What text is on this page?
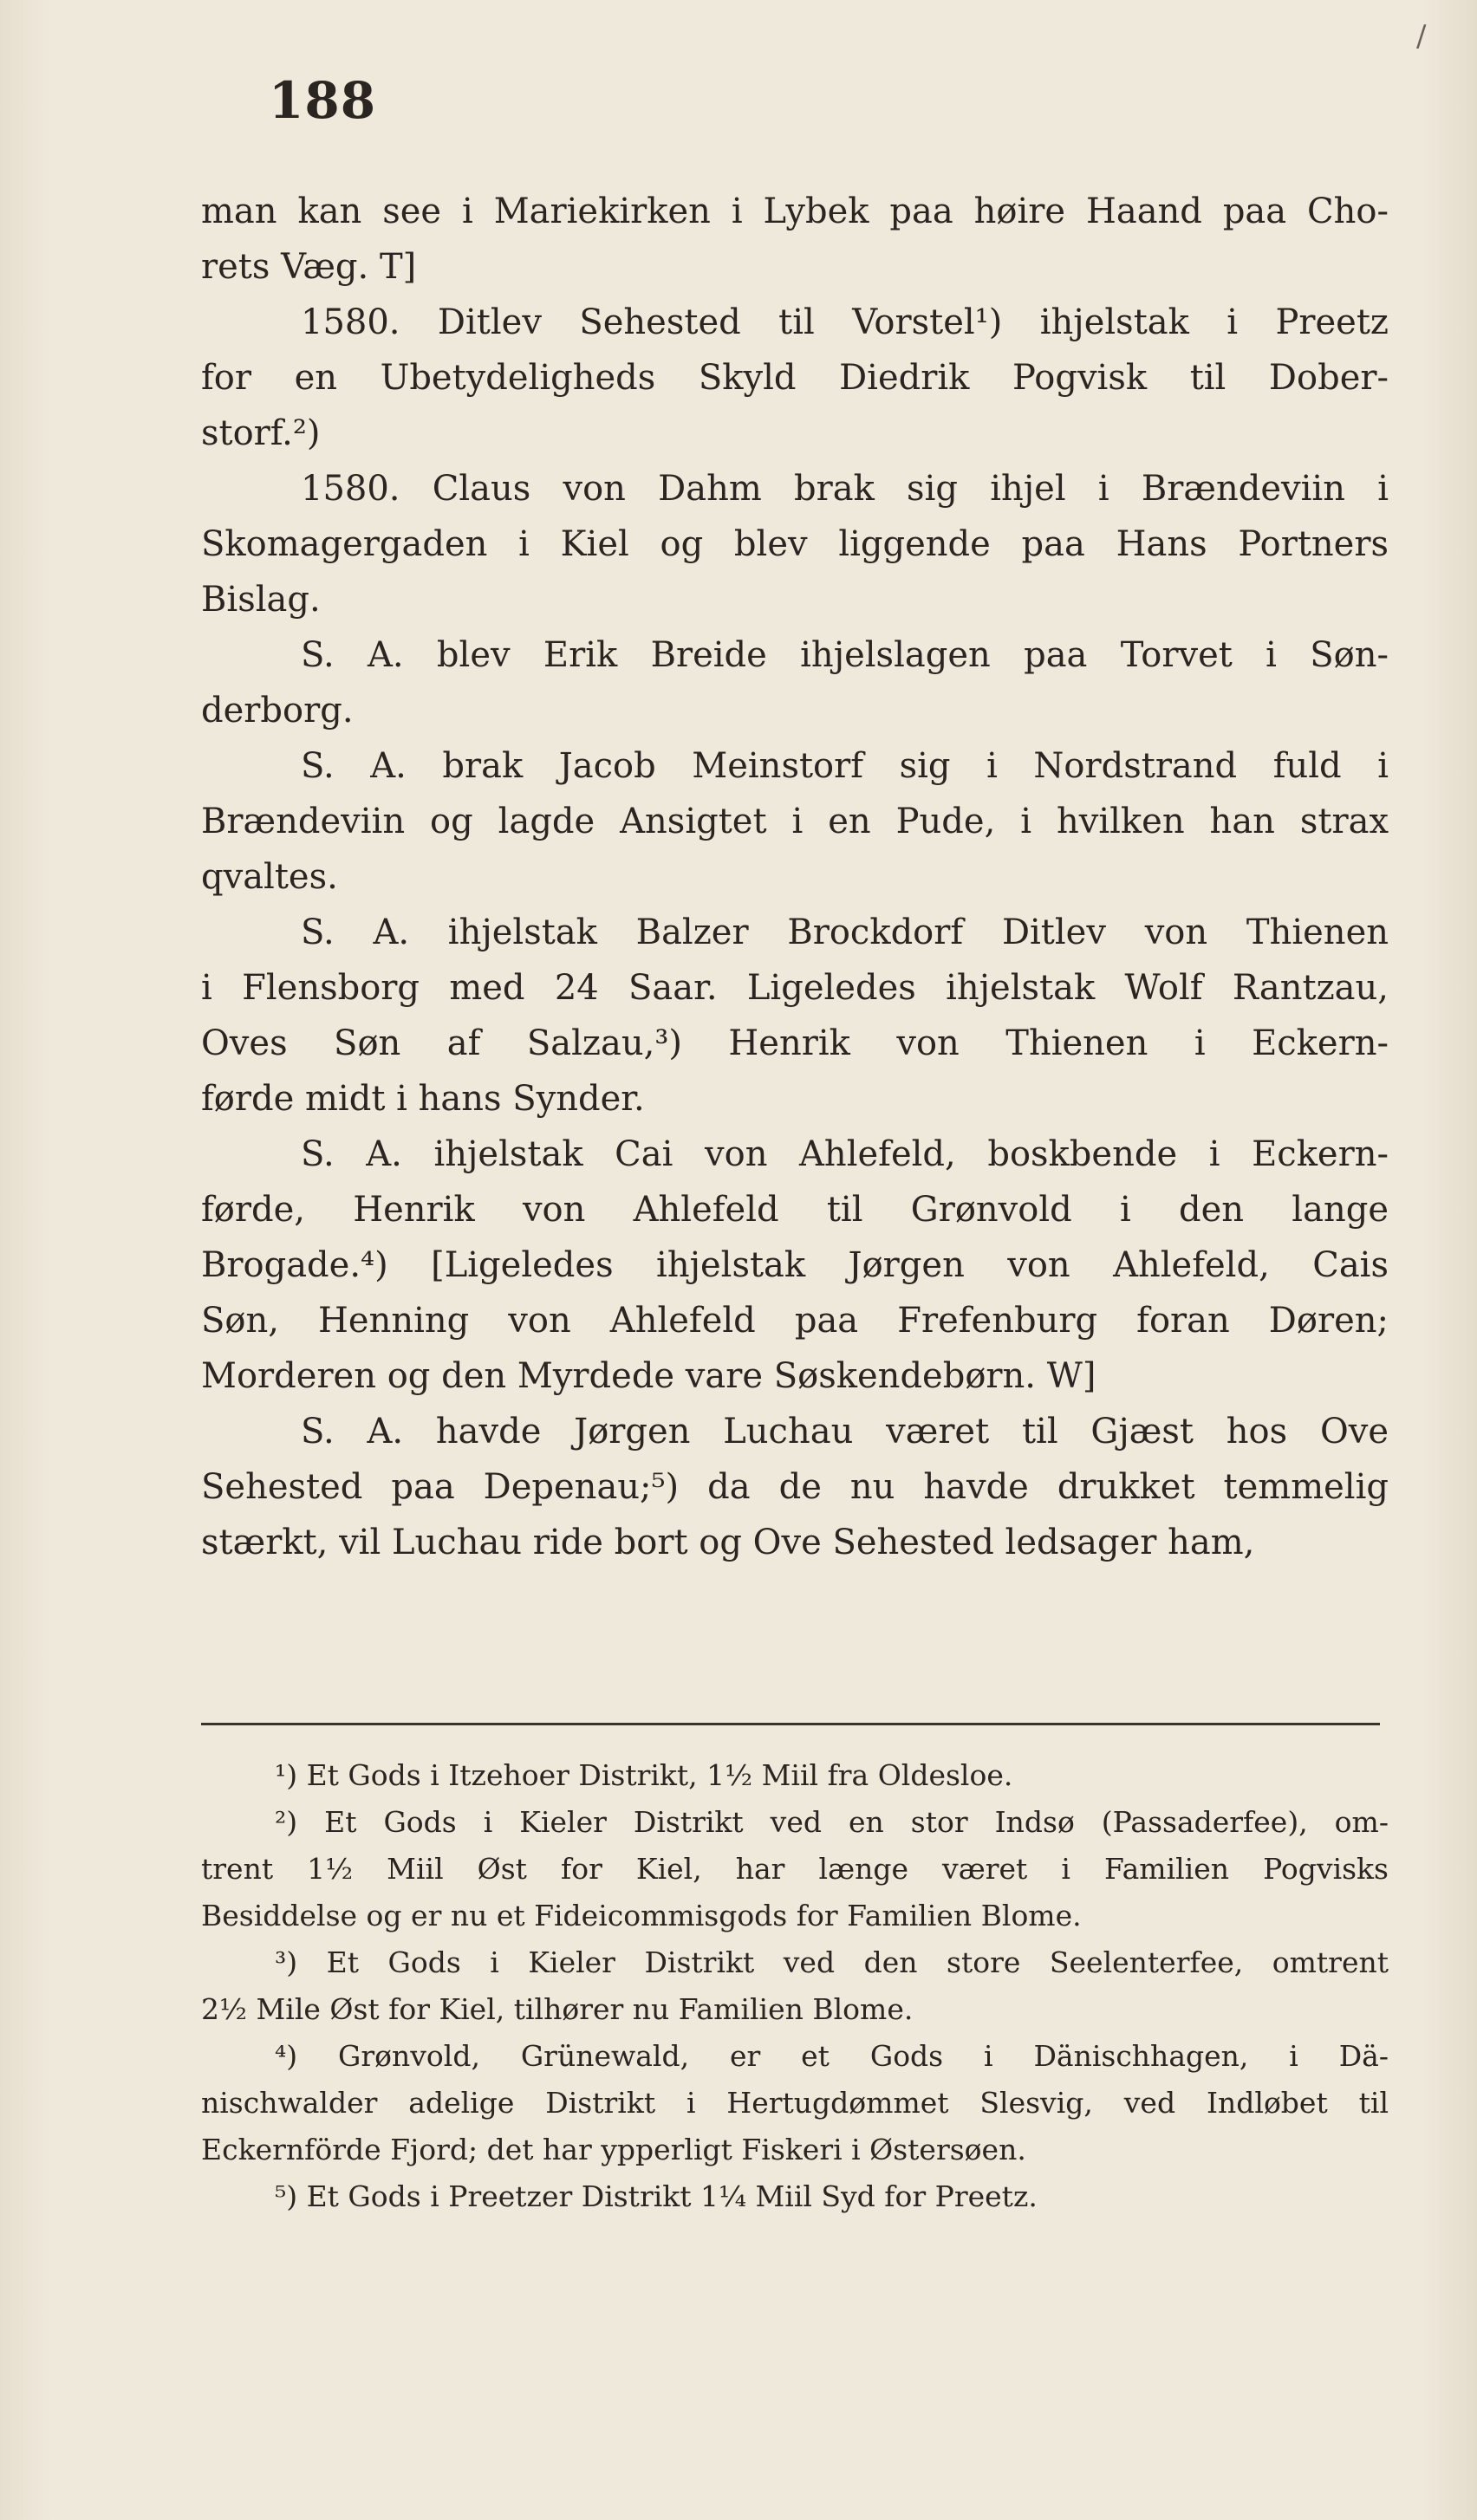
/
188
man kan see i Mariekirken i Lybek paa høire Haand paa Cho-
rets Væg. T]
1580. Ditlev Sehested til Vorstel¹) ihjelstak i Preetz
for en Ubetydeligheds Skyld Diedrik Pogvisk til Dober-
storf.²)
1580. Claus von Dahm brak sig ihjel i Brændeviin i
Skomagergaden i Kiel og blev liggende paa Hans Portners
Bislag.
S. A. blev Erik Breide ihjelslagen paa Torvet i Søn-
derborg.
S. A. brak Jacob Meinstorf sig i Nordstrand fuld i
Brændeviin og lagde Ansigtet i en Pude, i hvilken han strax
qvaltes.
S. A. ihjelstak Balzer Brockdorf Ditlev von Thienen
i Flensborg med 24 Saar. Ligeledes ihjelstak Wolf Rantzau,
Oves Søn af Salzau,³) Henrik von Thienen i Eckern-
førde midt i hans Synder.
S. A. ihjelstak Cai von Ahlefeld, boskbende i Eckern-
førde, Henrik von Ahlefeld til Grønvold i den lange
Brogade.⁴) [Ligeledes ihjelstak Jørgen von Ahlefeld, Cais
Søn, Henning von Ahlefeld paa Frefenburg foran Døren;
Morderen og den Myrdede vare Søskendebørn. W]
S. A. havde Jørgen Luchau været til Gjæst hos Ove
Sehested paa Depenau;⁵) da de nu havde drukket temmelig
stærkt, vil Luchau ride bort og Ove Sehested ledsager ham,
¹) Et Gods i Itzehoer Distrikt, 1½ Miil fra Oldesloe.
²) Et Gods i Kieler Distrikt ved en stor Indsø (Passaderfee), om-
trent 1½ Miil Øst for Kiel, har længe været i Familien Pogvisks
Besiddelse og er nu et Fideicommisgods for Familien Blome.
³) Et Gods i Kieler Distrikt ved den store Seelenterfee, omtrent
2½ Mile Øst for Kiel, tilhører nu Familien Blome.
⁴) Grønvold, Grünewald, er et Gods i Dänischhagen, i Dä-
nischwalder adelige Distrikt i Hertugdømmet Slesvig, ved Indløbet til
Eckernförde Fjord; det har ypperligt Fiskeri i Østersøen.
⁵) Et Gods i Preetzer Distrikt 1¼ Miil Syd for Preetz.
